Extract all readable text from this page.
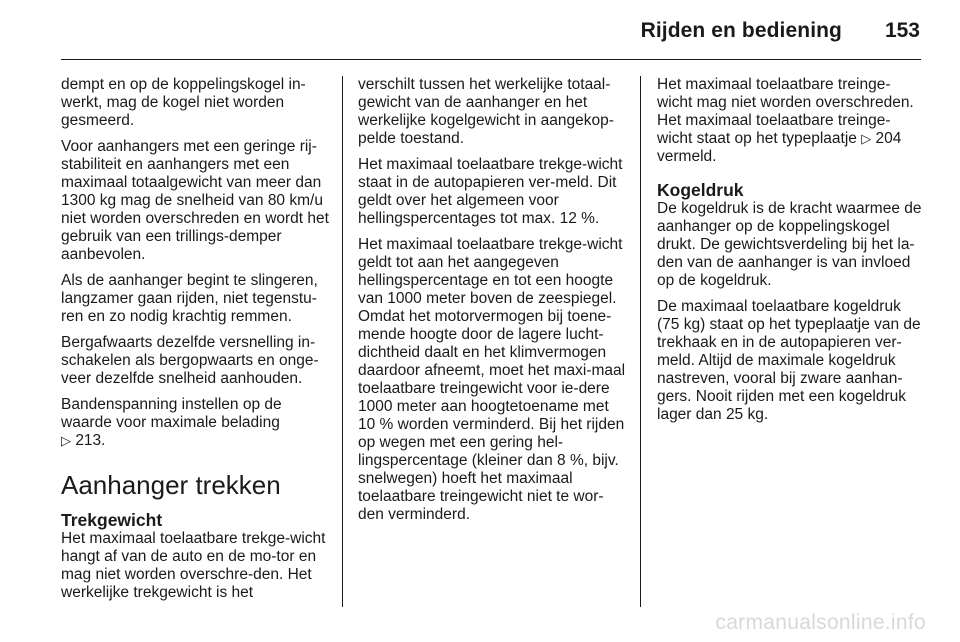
Rijden en bediening 153

dempt en op de koppelingskogel in-werkt, mag de kogel niet worden gesmeerd.

Voor aanhangers met een geringe rij-stabiliteit en aanhangers met een maximaal totaalgewicht van meer dan 1300 kg mag de snelheid van 80 km/u niet worden overschreden en wordt het gebruik van een trillings-demper aanbevolen.

Als de aanhanger begint te slingeren, langzamer gaan rijden, niet tegenstu-ren en zo nodig krachtig remmen.

Bergafwaarts dezelfde versnelling in-schakelen als bergopwaarts en onge-veer dezelfde snelheid aanhouden.

Bandenspanning instellen op de waarde voor maximale belading
▷ 213.

Aanhanger trekken
Trekgewicht

Het maximaal toelaatbare trekge-wicht hangt af van de auto en de mo-tor en mag niet worden overschre-den. Het werkelijke trekgewicht is het

verschilt tussen het werkelijke totaal-gewicht van de aanhanger en het werkelijke kogelgewicht in aangekop-pelde toestand.

Het maximaal toelaatbare trekge-wicht staat in de autopapieren ver-meld. Dit geldt over het algemeen voor hellingspercentages tot max. 12 %.

Het maximaal toelaatbare trekge-wicht geldt tot aan het aangegeven hellingspercentage en tot een hoogte van 1000 meter boven de zeespiegel. Omdat het motorvermogen bij toene-mende hoogte door de lagere lucht-dichtheid daalt en het klimvermogen daardoor afneemt, moet het maxi-maal toelaatbare treingewicht voor ie-dere 1000 meter aan hoogtetoename met 10 % worden verminderd. Bij het rijden op wegen met een gering hel-lingspercentage (kleiner dan 8 %, bijv. snelwegen) hoeft het maximaal toelaatbare treingewicht niet te wor-den verminderd.

Het maximaal toelaatbare treinge-wicht mag niet worden overschreden. Het maximaal toelaatbare treinge-wicht staat op het typeplaatje ▷ 204 vermeld.

Kogeldruk

De kogeldruk is de kracht waarmee de aanhanger op de koppelingskogel drukt. De gewichtsverdeling bij het la-den van de aanhanger is van invloed op de kogeldruk.

De maximaal toelaatbare kogeldruk (75 kg) staat op het typeplaatje van de trekhaak en in de autopapieren ver-meld. Altijd de maximale kogeldruk nastreven, vooral bij zware aanhan-gers. Nooit rijden met een kogeldruk lager dan 25 kg.

carmanualsonline.info
